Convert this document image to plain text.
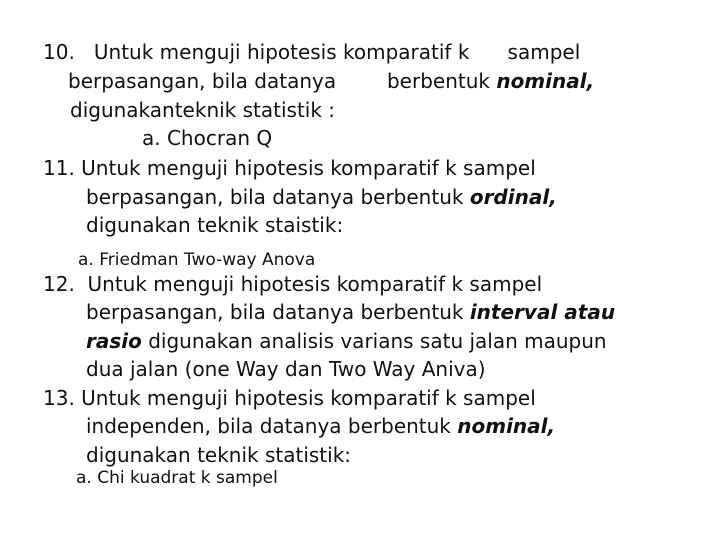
10.   Untuk menguji hipotesis komparatif k      sampel

berpasangan, bila datanya        berbentuk nominal,

digunakanteknik statistik :

a. Chocran Q

11. Untuk menguji hipotesis komparatif k sampel

berpasangan, bila datanya berbentuk ordinal,

digunakan teknik staistik:

a. Friedman Two-way Anova

12.  Untuk menguji hipotesis komparatif k sampel

berpasangan, bila datanya berbentuk interval atau

rasio digunakan analisis varians satu jalan maupun

dua jalan (one Way dan Two Way Aniva)

13. Untuk menguji hipotesis komparatif k sampel

independen, bila datanya berbentuk nominal,

digunakan teknik statistik:

a. Chi kuadrat k sampel
